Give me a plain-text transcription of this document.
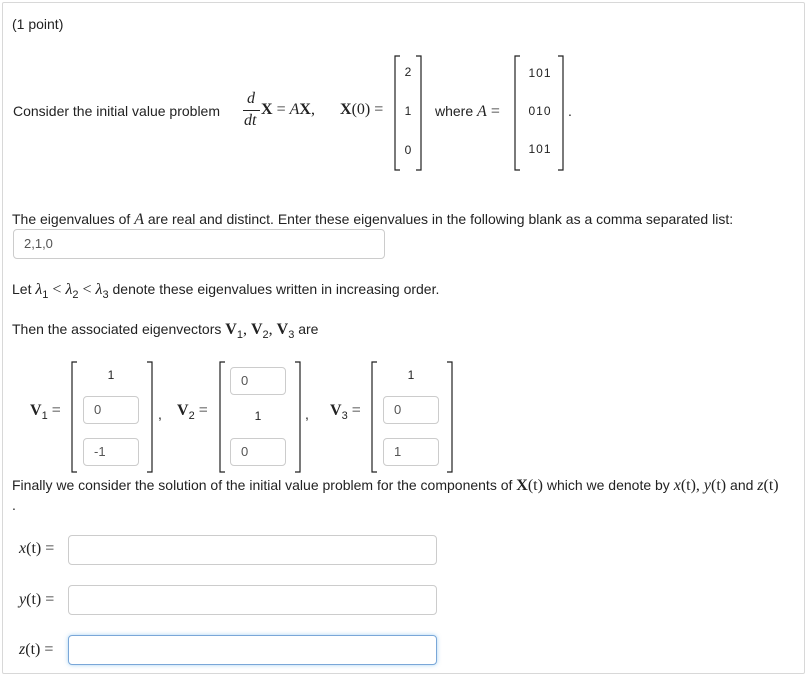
(1 point)
Consider the initial value problem
d
dt
X = AX, X(0) =
2
1
0
where A =
101
010
101
.
The eigenvalues of A are real and distinct. Enter these eigenvalues in the following blank as a comma separated list:
2,1,0
Let $\lambda_1 < \lambda_2 < \lambda_3$ denote these eigenvalues written in increasing order.
Then the associated eigenvectors $V_1$, $V_2$, $V_3$ are
$V_1$ =
1
0
-1
, $V_2$ =
0
1
0
, $V_3$ =
1
0
1
Finally we consider the solution of the initial value problem for the components of X(t) which we denote by x(t), y(t) and z(t)
.
x(t) =
y(t) =
z(t) =
